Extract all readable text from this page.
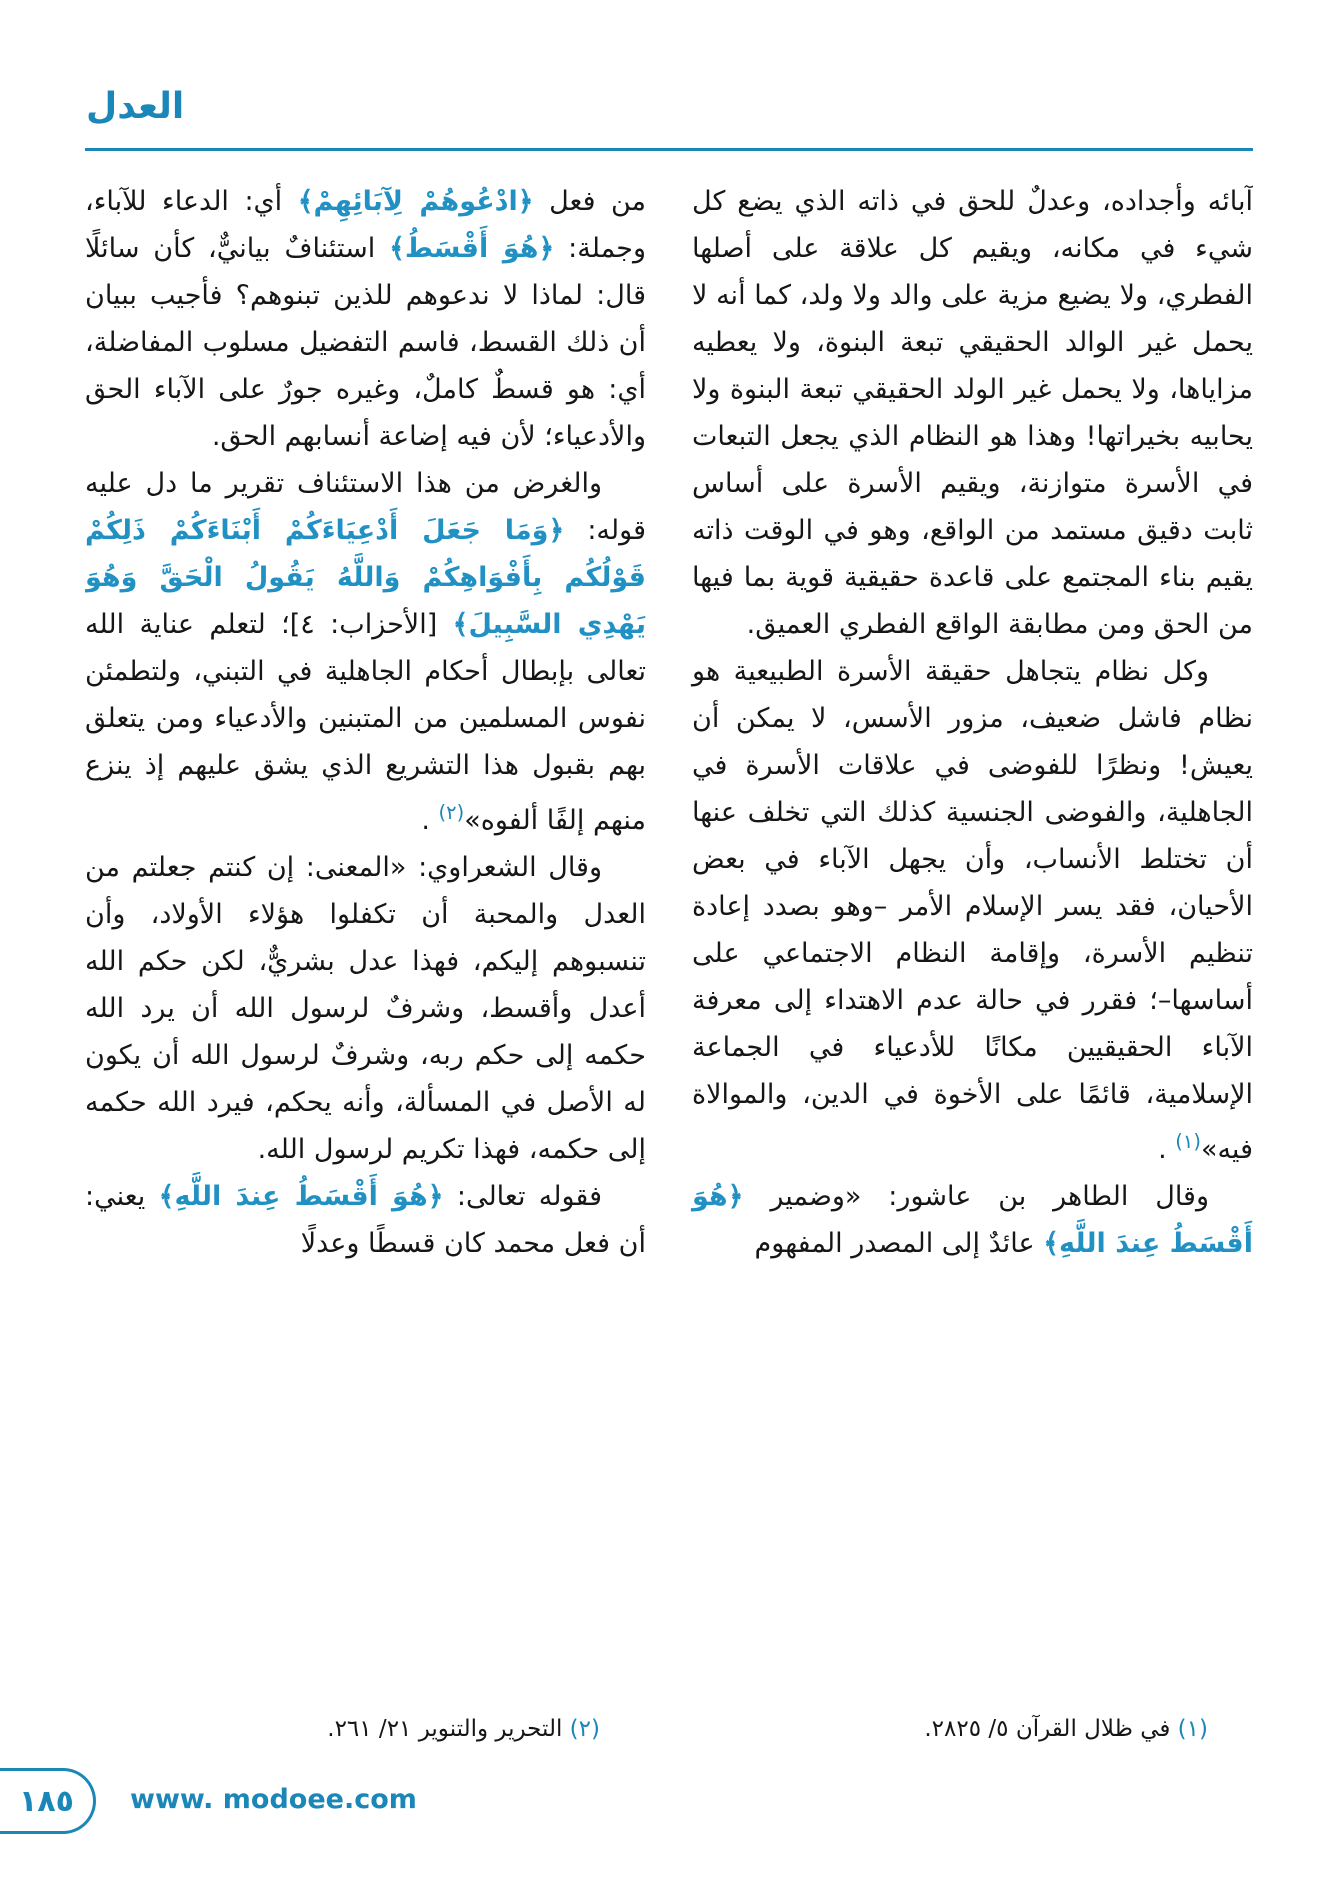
العدل

آبائه وأجداده، وعدلٌ للحق في ذاته الذي يضع كل شيء في مكانه، ويقيم كل علاقة على أصلها الفطري، ولا يضيع مزية على والد ولا ولد، كما أنه لا يحمل غير الوالد الحقيقي تبعة البنوة، ولا يعطيه مزاياها، ولا يحمل غير الولد الحقيقي تبعة البنوة ولا يحابيه بخيراتها! وهذا هو النظام الذي يجعل التبعات في الأسرة متوازنة، ويقيم الأسرة على أساس ثابت دقيق مستمد من الواقع، وهو في الوقت ذاته يقيم بناء المجتمع على قاعدة حقيقية قوية بما فيها من الحق ومن مطابقة الواقع الفطري العميق.

وكل نظام يتجاهل حقيقة الأسرة الطبيعية هو نظام فاشل ضعيف، مزور الأسس، لا يمكن أن يعيش! ونظرًا للفوضى في علاقات الأسرة في الجاهلية، والفوضى الجنسية كذلك التي تخلف عنها أن تختلط الأنساب، وأن يجهل الآباء في بعض الأحيان، فقد يسر الإسلام الأمر –وهو بصدد إعادة تنظيم الأسرة، وإقامة النظام الاجتماعي على أساسها–؛ فقرر في حالة عدم الاهتداء إلى معرفة الآباء الحقيقيين مكانًا للأدعياء في الجماعة الإسلامية، قائمًا على الأخوة في الدين، والموالاة فيه»$^{(١)}$ .

وقال الطاهر بن عاشور: «وضمير ﴿هُوَ أَقْسَطُ عِندَ اللَّهِ﴾ عائدٌ إلى المصدر المفهوم

من فعل ﴿ادْعُوهُمْ لِآبَائِهِمْ﴾ أي: الدعاء للآباء، وجملة: ﴿هُوَ أَقْسَطُ﴾ استئنافٌ بيانيٌّ، كأن سائلًا قال: لماذا لا ندعوهم للذين تبنوهم؟ فأجيب ببيان أن ذلك القسط، فاسم التفضيل مسلوب المفاضلة، أي: هو قسطٌ كاملٌ، وغيره جورٌ على الآباء الحق والأدعياء؛ لأن فيه إضاعة أنسابهم الحق.

والغرض من هذا الاستئناف تقرير ما دل عليه قوله: ﴿وَمَا جَعَلَ أَدْعِيَاءَكُمْ أَبْنَاءَكُمْ ذَلِكُمْ قَوْلُكُم بِأَفْوَاهِكُمْ وَاللَّهُ يَقُولُ الْحَقَّ وَهُوَ يَهْدِي السَّبِيلَ﴾ [الأحزاب: ٤]؛ لتعلم عناية الله تعالى بإبطال أحكام الجاهلية في التبني، ولتطمئن نفوس المسلمين من المتبنين والأدعياء ومن يتعلق بهم بقبول هذا التشريع الذي يشق عليهم إذ ينزع منهم إلفًا ألفوه»$^{(٢)}$ .

وقال الشعراوي: «المعنى: إن كنتم جعلتم من العدل والمحبة أن تكفلوا هؤلاء الأولاد، وأن تنسبوهم إليكم، فهذا عدل بشريٌّ، لكن حكم الله أعدل وأقسط، وشرفٌ لرسول الله أن يرد الله حكمه إلى حكم ربه، وشرفٌ لرسول الله أن يكون له الأصل في المسألة، وأنه يحكم، فيرد الله حكمه إلى حكمه، فهذا تكريم لرسول الله.

فقوله تعالى: ﴿هُوَ أَقْسَطُ عِندَ اللَّهِ﴾ يعني: أن فعل محمد كان قسطًا وعدلًا

(١) في ظلال القرآن ٥/ ٢٨٢٥.
(٢) التحرير والتنوير ٢١/ ٢٦١.
١٨٥ www. modoee.com
